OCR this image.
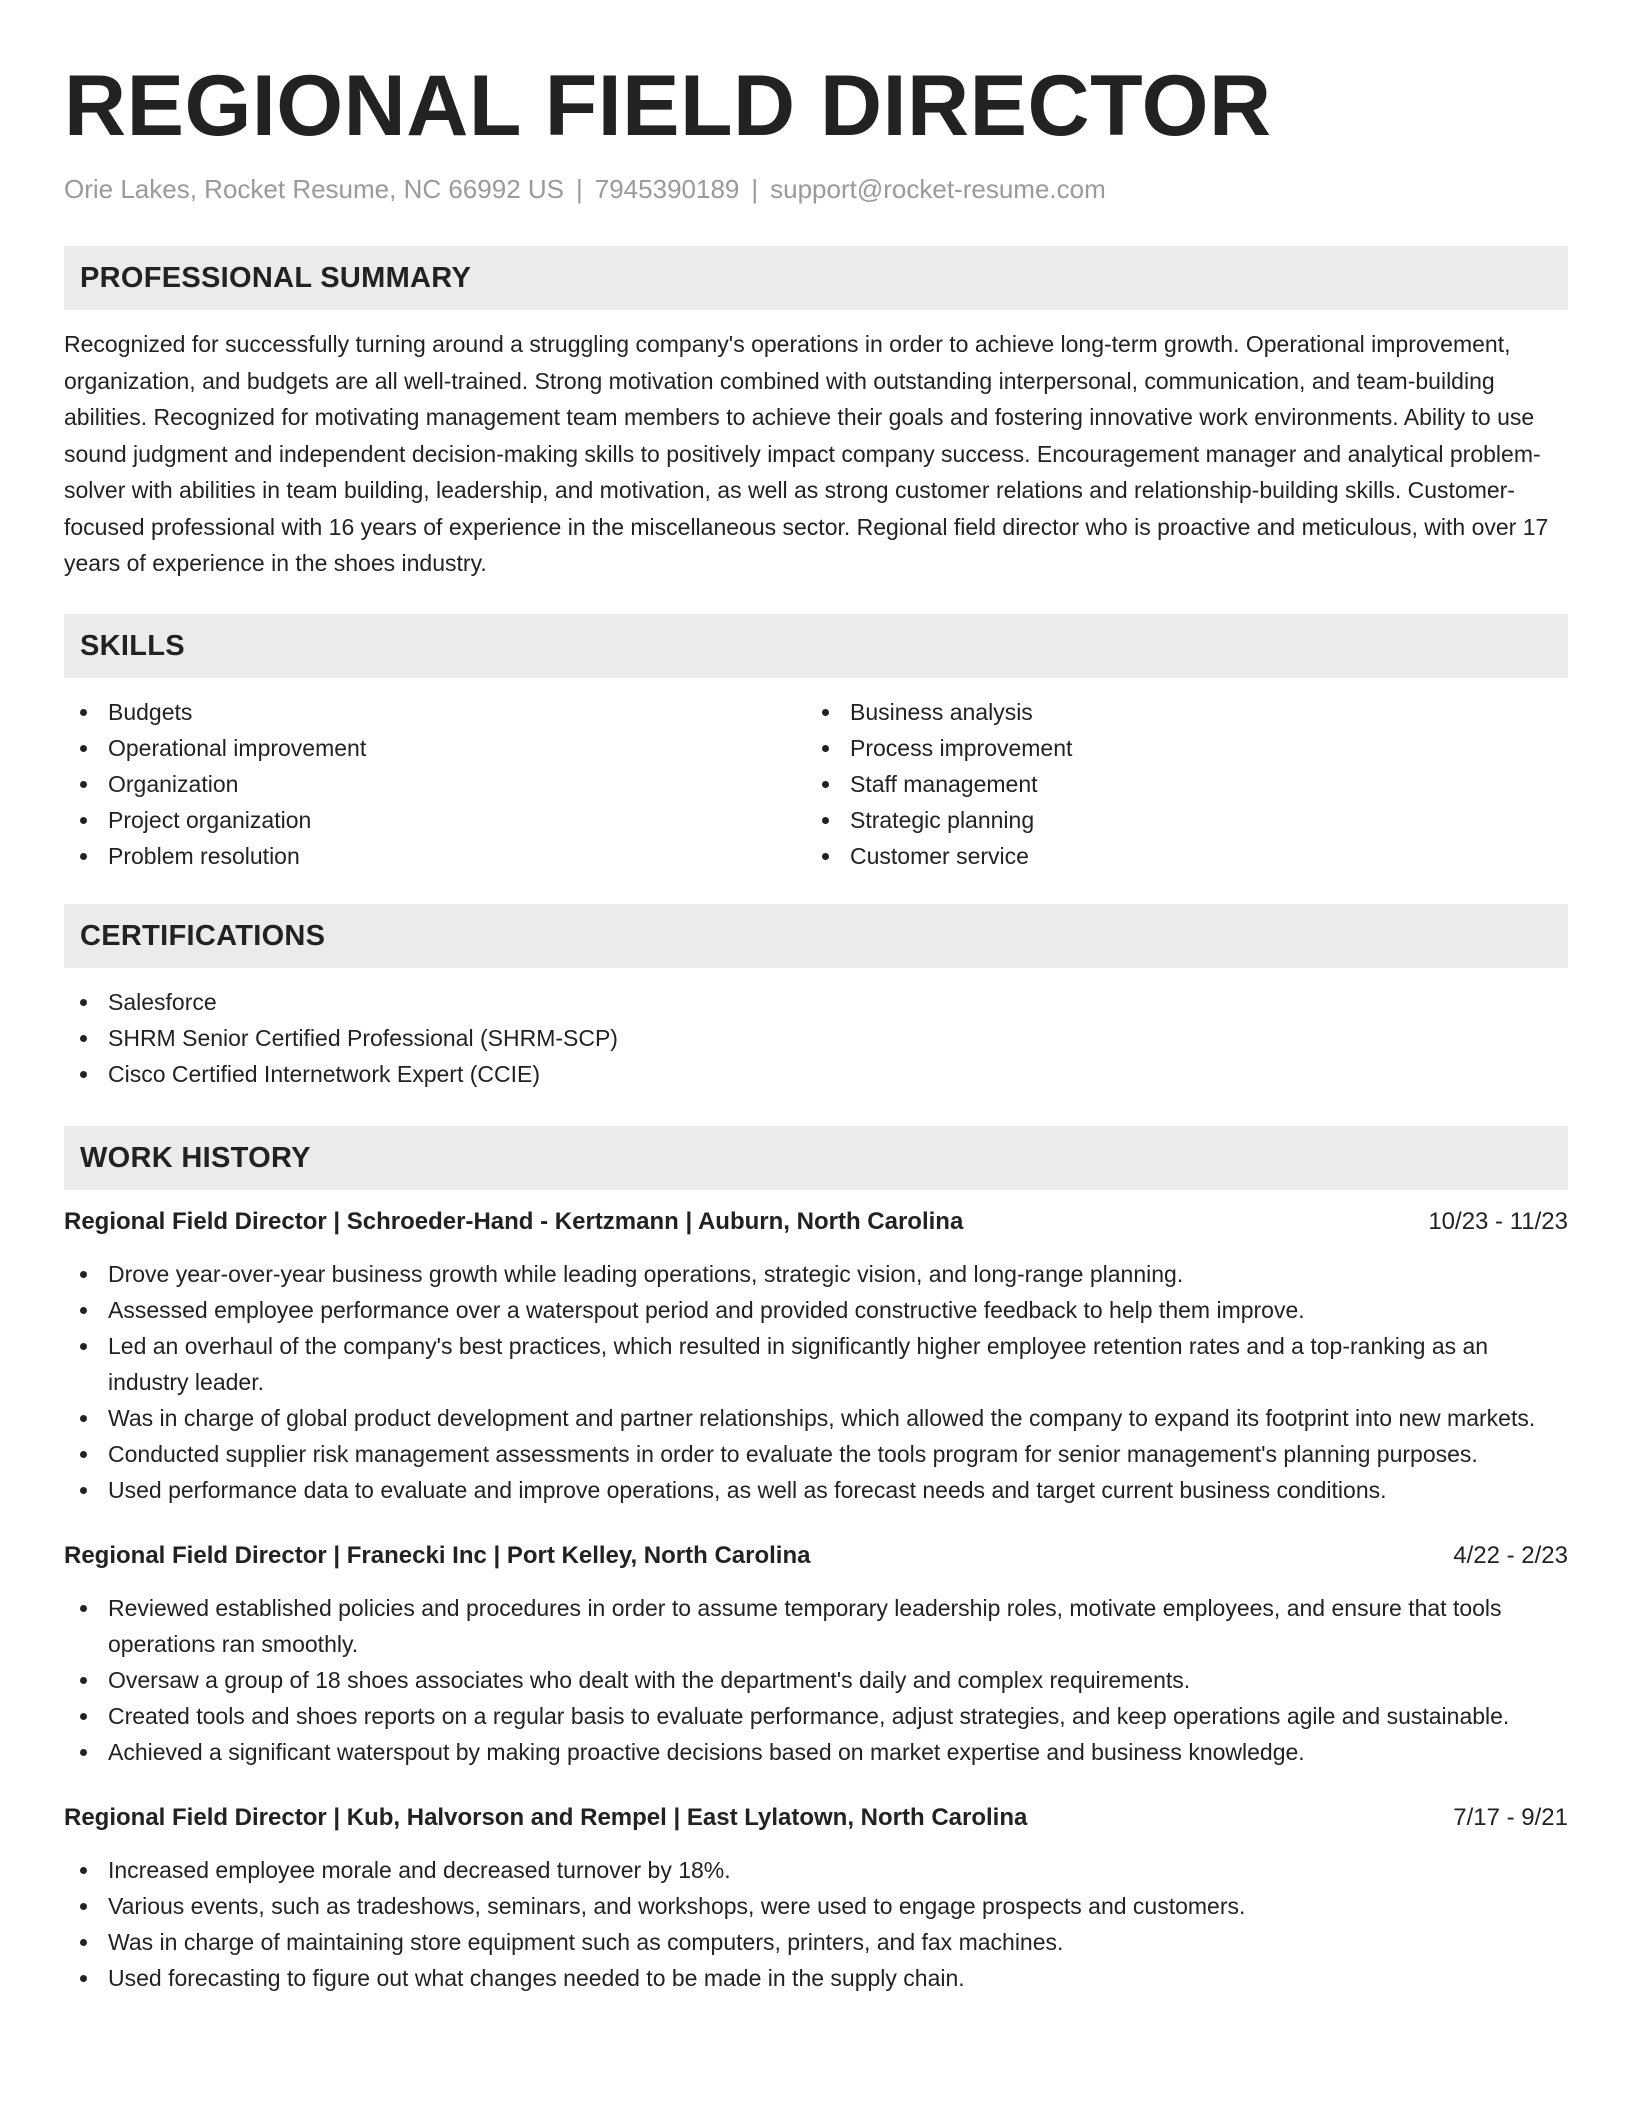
REGIONAL FIELD DIRECTOR
Orie Lakes, Rocket Resume, NC 66992 US | 7945390189 | support@rocket-resume.com
PROFESSIONAL SUMMARY
Recognized for successfully turning around a struggling company's operations in order to achieve long-term growth. Operational improvement, organization, and budgets are all well-trained. Strong motivation combined with outstanding interpersonal, communication, and team-building abilities. Recognized for motivating management team members to achieve their goals and fostering innovative work environments. Ability to use sound judgment and independent decision-making skills to positively impact company success. Encouragement manager and analytical problem-solver with abilities in team building, leadership, and motivation, as well as strong customer relations and relationship-building skills. Customer-focused professional with 16 years of experience in the miscellaneous sector. Regional field director who is proactive and meticulous, with over 17 years of experience in the shoes industry.
SKILLS
Budgets
Operational improvement
Organization
Project organization
Problem resolution
Business analysis
Process improvement
Staff management
Strategic planning
Customer service
CERTIFICATIONS
Salesforce
SHRM Senior Certified Professional (SHRM-SCP)
Cisco Certified Internetwork Expert (CCIE)
WORK HISTORY
Regional Field Director | Schroeder-Hand - Kertzmann | Auburn, North Carolina	10/23 - 11/23
Drove year-over-year business growth while leading operations, strategic vision, and long-range planning.
Assessed employee performance over a waterspout period and provided constructive feedback to help them improve.
Led an overhaul of the company's best practices, which resulted in significantly higher employee retention rates and a top-ranking as an industry leader.
Was in charge of global product development and partner relationships, which allowed the company to expand its footprint into new markets.
Conducted supplier risk management assessments in order to evaluate the tools program for senior management's planning purposes.
Used performance data to evaluate and improve operations, as well as forecast needs and target current business conditions.
Regional Field Director | Franecki Inc | Port Kelley, North Carolina	4/22 - 2/23
Reviewed established policies and procedures in order to assume temporary leadership roles, motivate employees, and ensure that tools operations ran smoothly.
Oversaw a group of 18 shoes associates who dealt with the department's daily and complex requirements.
Created tools and shoes reports on a regular basis to evaluate performance, adjust strategies, and keep operations agile and sustainable.
Achieved a significant waterspout by making proactive decisions based on market expertise and business knowledge.
Regional Field Director | Kub, Halvorson and Rempel | East Lylatown, North Carolina	7/17 - 9/21
Increased employee morale and decreased turnover by 18%.
Various events, such as tradeshows, seminars, and workshops, were used to engage prospects and customers.
Was in charge of maintaining store equipment such as computers, printers, and fax machines.
Used forecasting to figure out what changes needed to be made in the supply chain.
